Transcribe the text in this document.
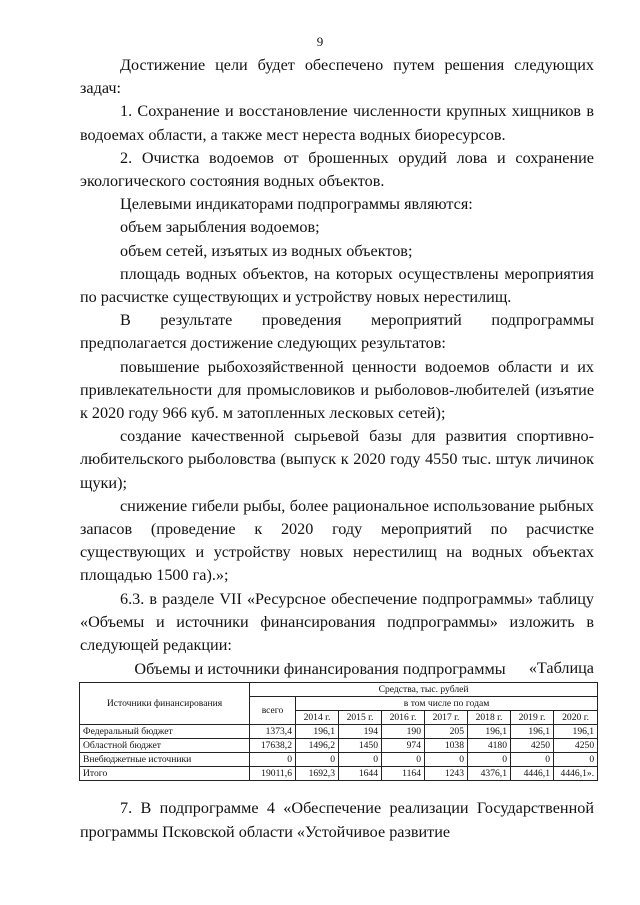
9

Достижение цели будет обеспечено путем решения следующих задач:

1. Сохранение и восстановление численности крупных хищников в водоемах области, а также мест нереста водных биоресурсов.

2. Очистка водоемов от брошенных орудий лова и сохранение экологического состояния водных объектов.

Целевыми индикаторами подпрограммы являются:

объем зарыбления водоемов;

объем сетей, изъятых из водных объектов;

площадь водных объектов, на которых осуществлены мероприятия по расчистке существующих и устройству новых нерестилищ.

В результате проведения мероприятий подпрограммы предполагается достижение следующих результатов:

повышение рыбохозяйственной ценности водоемов области и их привлекательности для промысловиков и рыболовов-любителей (изъятие к 2020 году 966 куб. м затопленных лесковых сетей);

создание качественной сырьевой базы для развития спортивно-любительского рыболовства (выпуск к 2020 году 4550 тыс. штук личинок щуки);

снижение гибели рыбы, более рациональное использование рыбных запасов (проведение к 2020 году мероприятий по расчистке существующих и устройству новых нерестилищ на водных объектах площадью 1500 га).»;

6.3. в разделе VII «Ресурсное обеспечение подпрограммы» таблицу «Объемы и источники финансирования подпрограммы» изложить в следующей редакции:

«Таблица

Объемы и источники финансирования подпрограммы
Источники финансирования	Средства, тыс. рублей							
	всего	в том числе по годам						
		2014 г.	2015 г.	2016 г.	2017 г.	2018 г.	2019 г.	2020 г.
Федеральный бюджет	1373,4	196,1	194	190	205	196,1	196,1	196,1
Областной бюджет	17638,2	1496,2	1450	974	1038	4180	4250	4250
Внебюджетные источники	0	0	0	0	0	0	0	0
Итого	19011,6	1692,3	1644	1164	1243	4376,1	4446,1	4446,1».

7. В подпрограмме 4 «Обеспечение реализации Государственной программы Псковской области «Устойчивое развитие
